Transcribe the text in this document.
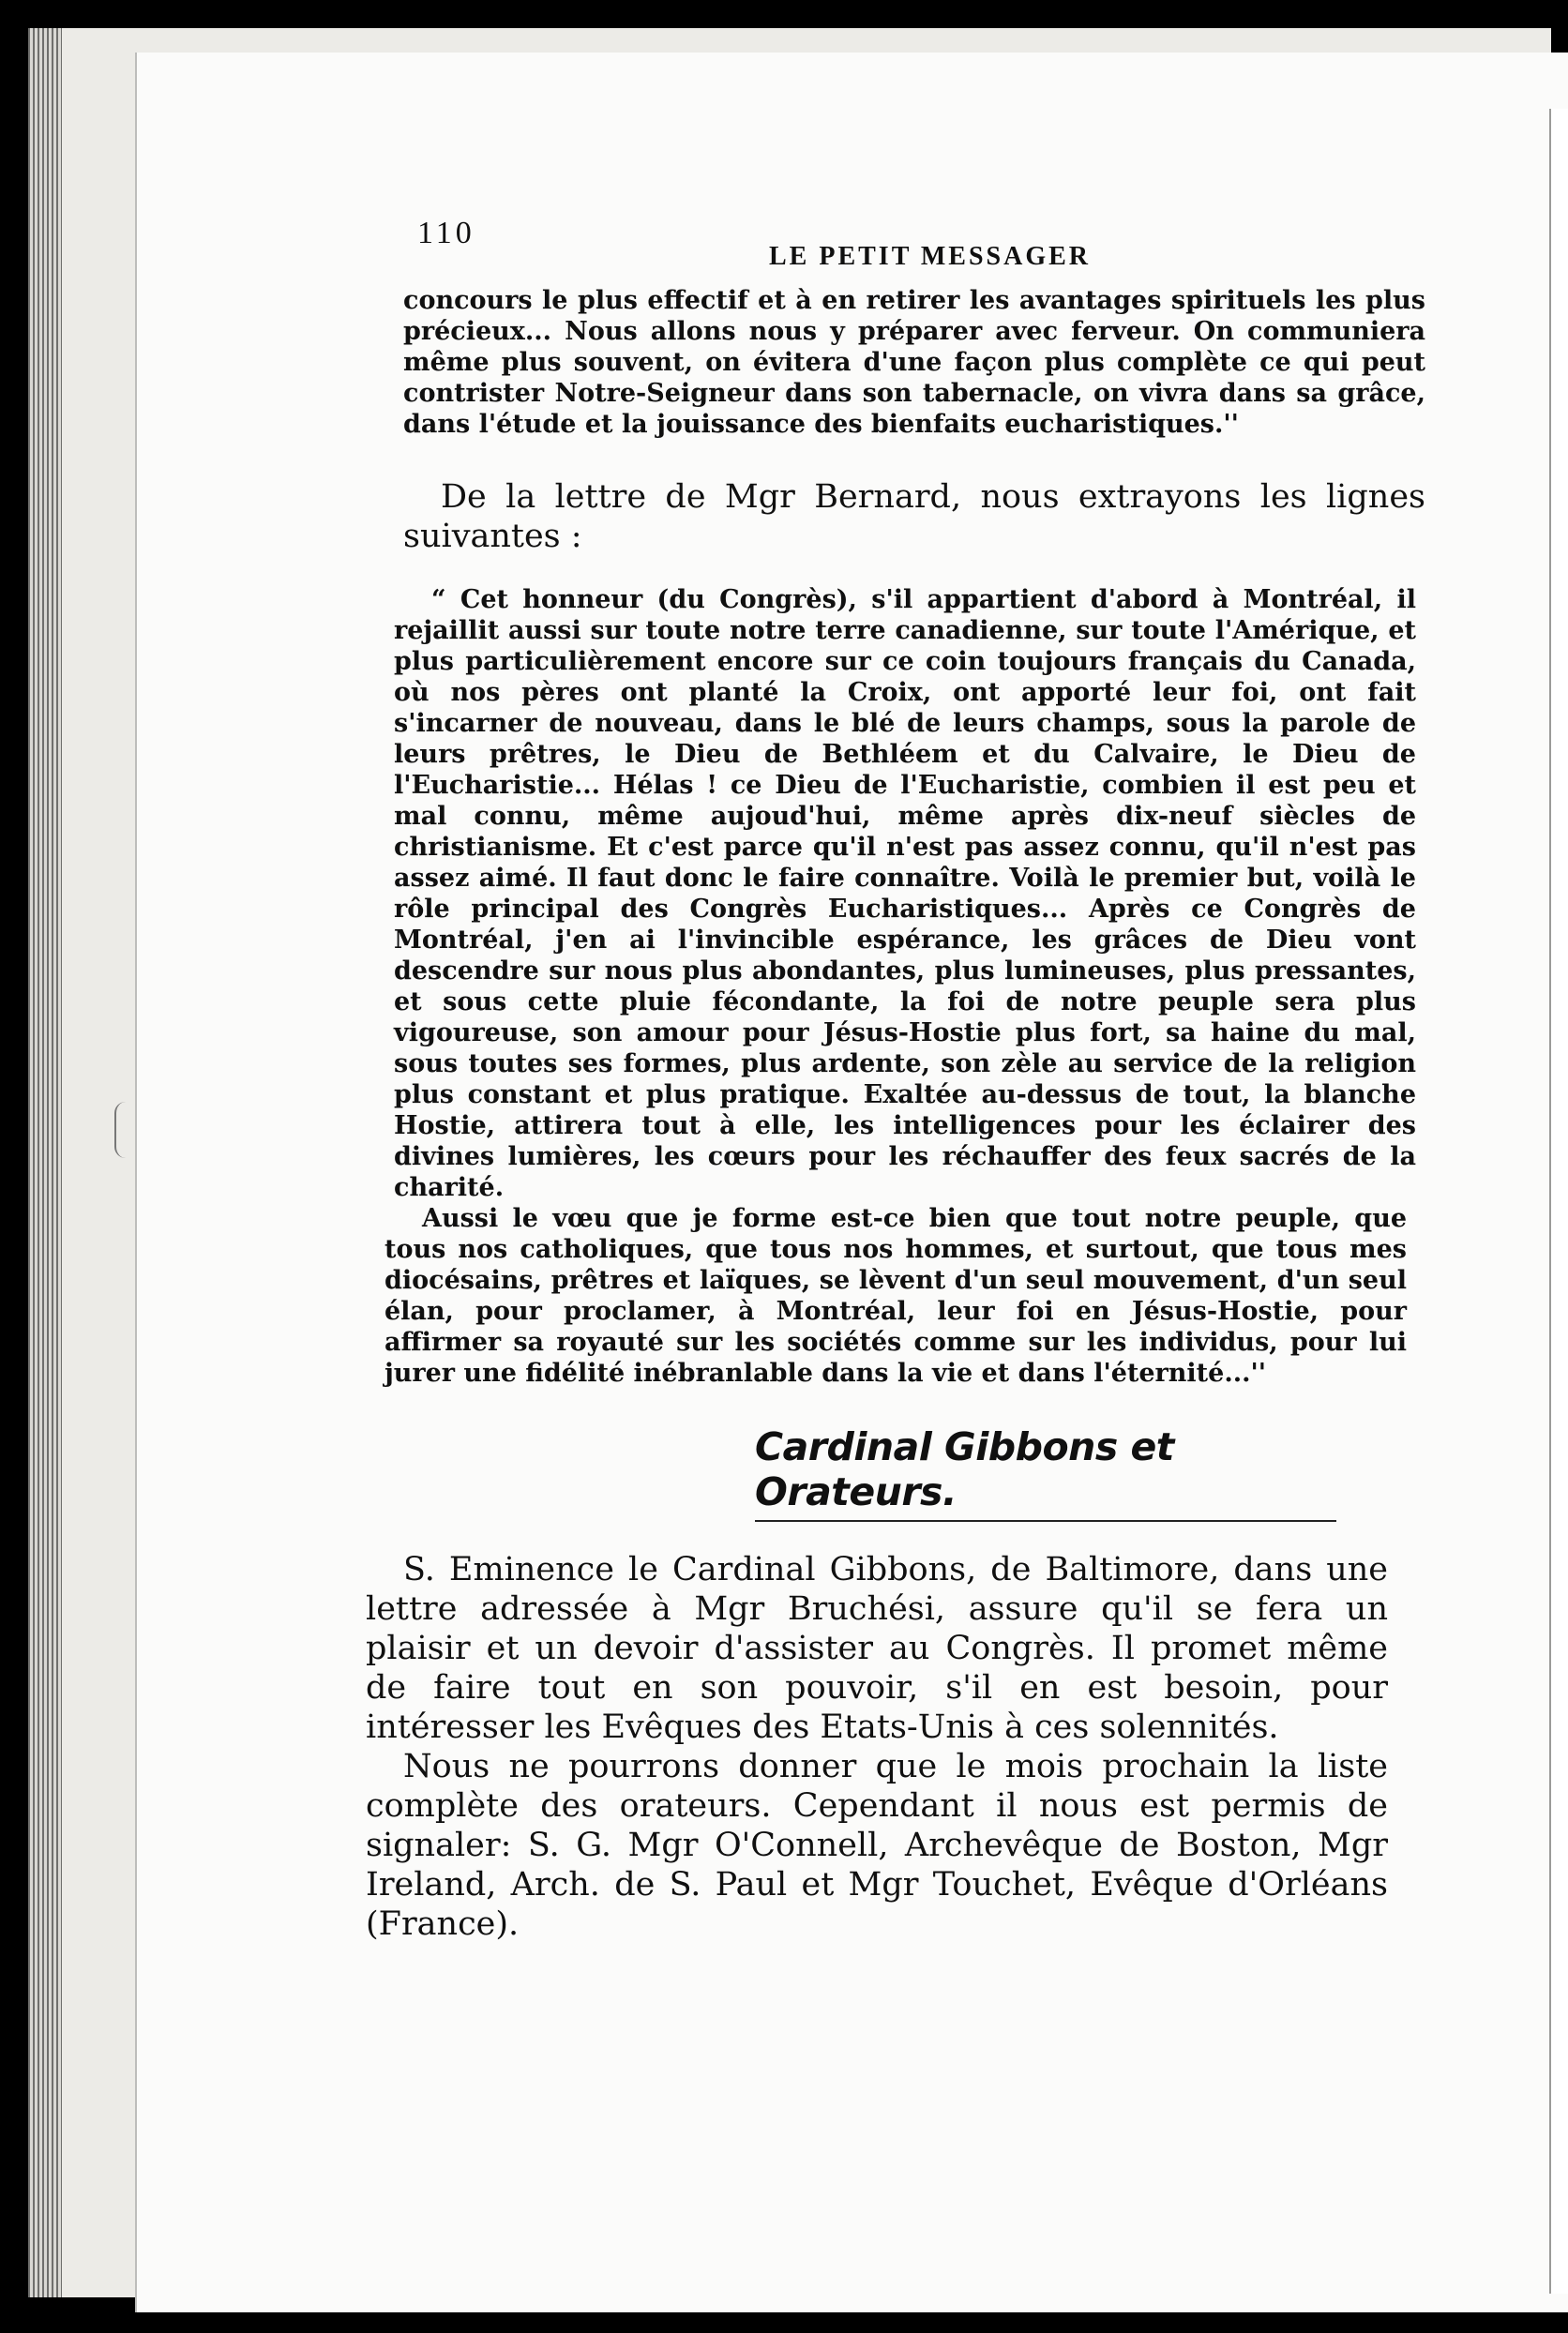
110
LE PETIT MESSAGER

concours le plus effectif et à en retirer les avantages spirituels les plus précieux... Nous allons nous y préparer avec ferveur. On communiera même plus souvent, on évitera d'une façon plus complète ce qui peut contrister Notre-Seigneur dans son tabernacle, on vivra dans sa grâce, dans l'étude et la jouissance des bienfaits eucharistiques.''

De la lettre de Mgr Bernard, nous extrayons les lignes suivantes :

“ Cet honneur (du Congrès), s'il appartient d'abord à Montréal, il rejaillit aussi sur toute notre terre canadienne, sur toute l'Amérique, et plus particulièrement encore sur ce coin toujours français du Canada, où nos pères ont planté la Croix, ont apporté leur foi, ont fait s'incarner de nouveau, dans le blé de leurs champs, sous la parole de leurs prêtres, le Dieu de Bethléem et du Calvaire, le Dieu de l'Eucharistie... Hélas ! ce Dieu de l'Eucharistie, combien il est peu et mal connu, même aujoud'hui, même après dix-neuf siècles de christianisme. Et c'est parce qu'il n'est pas assez connu, qu'il n'est pas assez aimé. Il faut donc le faire connaître. Voilà le premier but, voilà le rôle principal des Congrès Eucharistiques... Après ce Congrès de Montréal, j'en ai l'invincible espérance, les grâces de Dieu vont descendre sur nous plus abondantes, plus lumineuses, plus pressantes, et sous cette pluie fécondante, la foi de notre peuple sera plus vigoureuse, son amour pour Jésus-Hostie plus fort, sa haine du mal, sous toutes ses formes, plus ardente, son zèle au service de la religion plus constant et plus pratique. Exaltée au-dessus de tout, la blanche Hostie, attirera tout à elle, les intelligences pour les éclairer des divines lumières, les cœurs pour les réchauffer des feux sacrés de la charité.

Aussi le vœu que je forme est-ce bien que tout notre peuple, que tous nos catholiques, que tous nos hommes, et surtout, que tous mes diocésains, prêtres et laïques, se lèvent d'un seul mouvement, d'un seul élan, pour proclamer, à Montréal, leur foi en Jésus-Hostie, pour affirmer sa royauté sur les sociétés comme sur les individus, pour lui jurer une fidélité inébranlable dans la vie et dans l'éternité...''

Cardinal Gibbons et Orateurs.

S. Eminence le Cardinal Gibbons, de Baltimore, dans une lettre adressée à Mgr Bruchési, assure qu'il se fera un plaisir et un devoir d'assister au Congrès. Il promet même de faire tout en son pouvoir, s'il en est besoin, pour intéresser les Evêques des Etats-Unis à ces solennités.

Nous ne pourrons donner que le mois prochain la liste complète des orateurs. Cependant il nous est permis de signaler: S. G. Mgr O'Connell, Archevêque de Boston, Mgr Ireland, Arch. de S. Paul et Mgr Touchet, Evêque d'Orléans (France).
